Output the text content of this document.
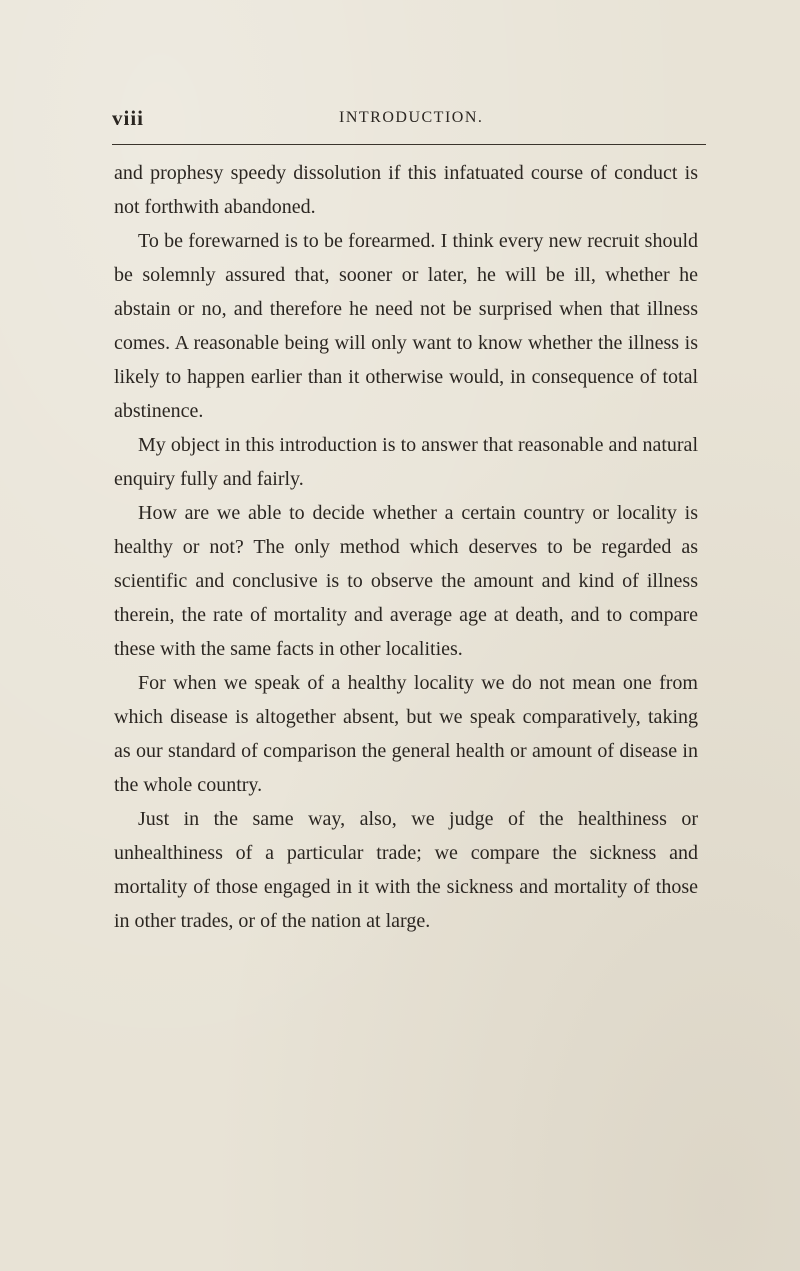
viii	INTRODUCTION.

and prophesy speedy dissolution if this infatuated course of conduct is not forthwith abandoned.

To be forewarned is to be forearmed. I think every new recruit should be solemnly assured that, sooner or later, he will be ill, whether he abstain or no, and therefore he need not be surprised when that illness comes. A reasonable being will only want to know whether the illness is likely to happen earlier than it otherwise would, in consequence of total abstinence.

My object in this introduction is to answer that reasonable and natural enquiry fully and fairly.

How are we able to decide whether a certain country or locality is healthy or not? The only method which deserves to be regarded as scientific and conclusive is to observe the amount and kind of illness therein, the rate of mortality and average age at death, and to compare these with the same facts in other localities.

For when we speak of a healthy locality we do not mean one from which disease is altogether absent, but we speak comparatively, taking as our standard of comparison the general health or amount of disease in the whole country.

Just in the same way, also, we judge of the healthiness or unhealthiness of a particular trade; we compare the sickness and mortality of those engaged in it with the sickness and mortality of those in other trades, or of the nation at large.
